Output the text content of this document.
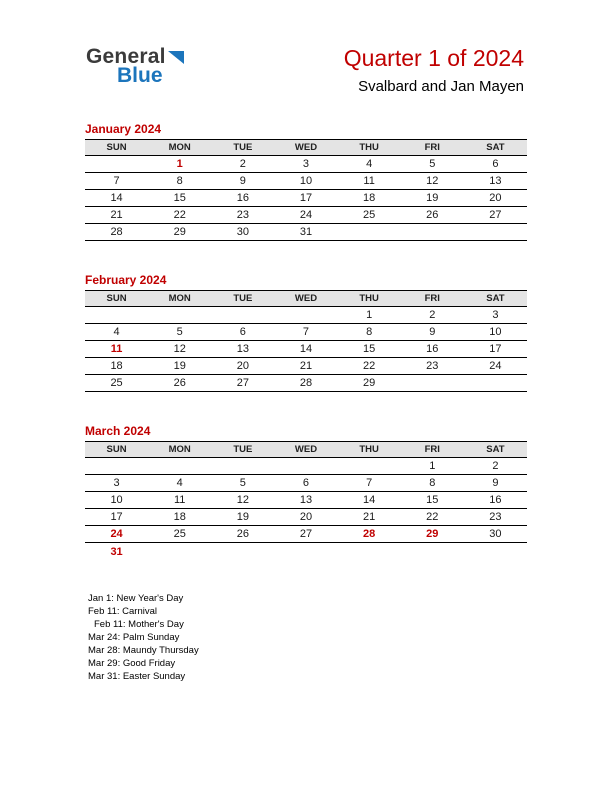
General
Blue
Quarter 1 of 2024
Svalbard and Jan Mayen
January 2024
SUN	MON	TUE	WED	THU	FRI	SAT
	1	2	3	4	5	6
7	8	9	10	11	12	13
14	15	16	17	18	19	20
21	22	23	24	25	26	27
28	29	30	31			
February 2024
SUN	MON	TUE	WED	THU	FRI	SAT
				1	2	3
4	5	6	7	8	9	10
11	12	13	14	15	16	17
18	19	20	21	22	23	24
25	26	27	28	29		
March 2024
SUN	MON	TUE	WED	THU	FRI	SAT
					1	2
3	4	5	6	7	8	9
10	11	12	13	14	15	16
17	18	19	20	21	22	23
24	25	26	27	28	29	30
31						
Jan 1: New Year's Day
Feb 11: Carnival
Feb 11: Mother's Day
Mar 24: Palm Sunday
Mar 28: Maundy Thursday
Mar 29: Good Friday
Mar 31: Easter Sunday
